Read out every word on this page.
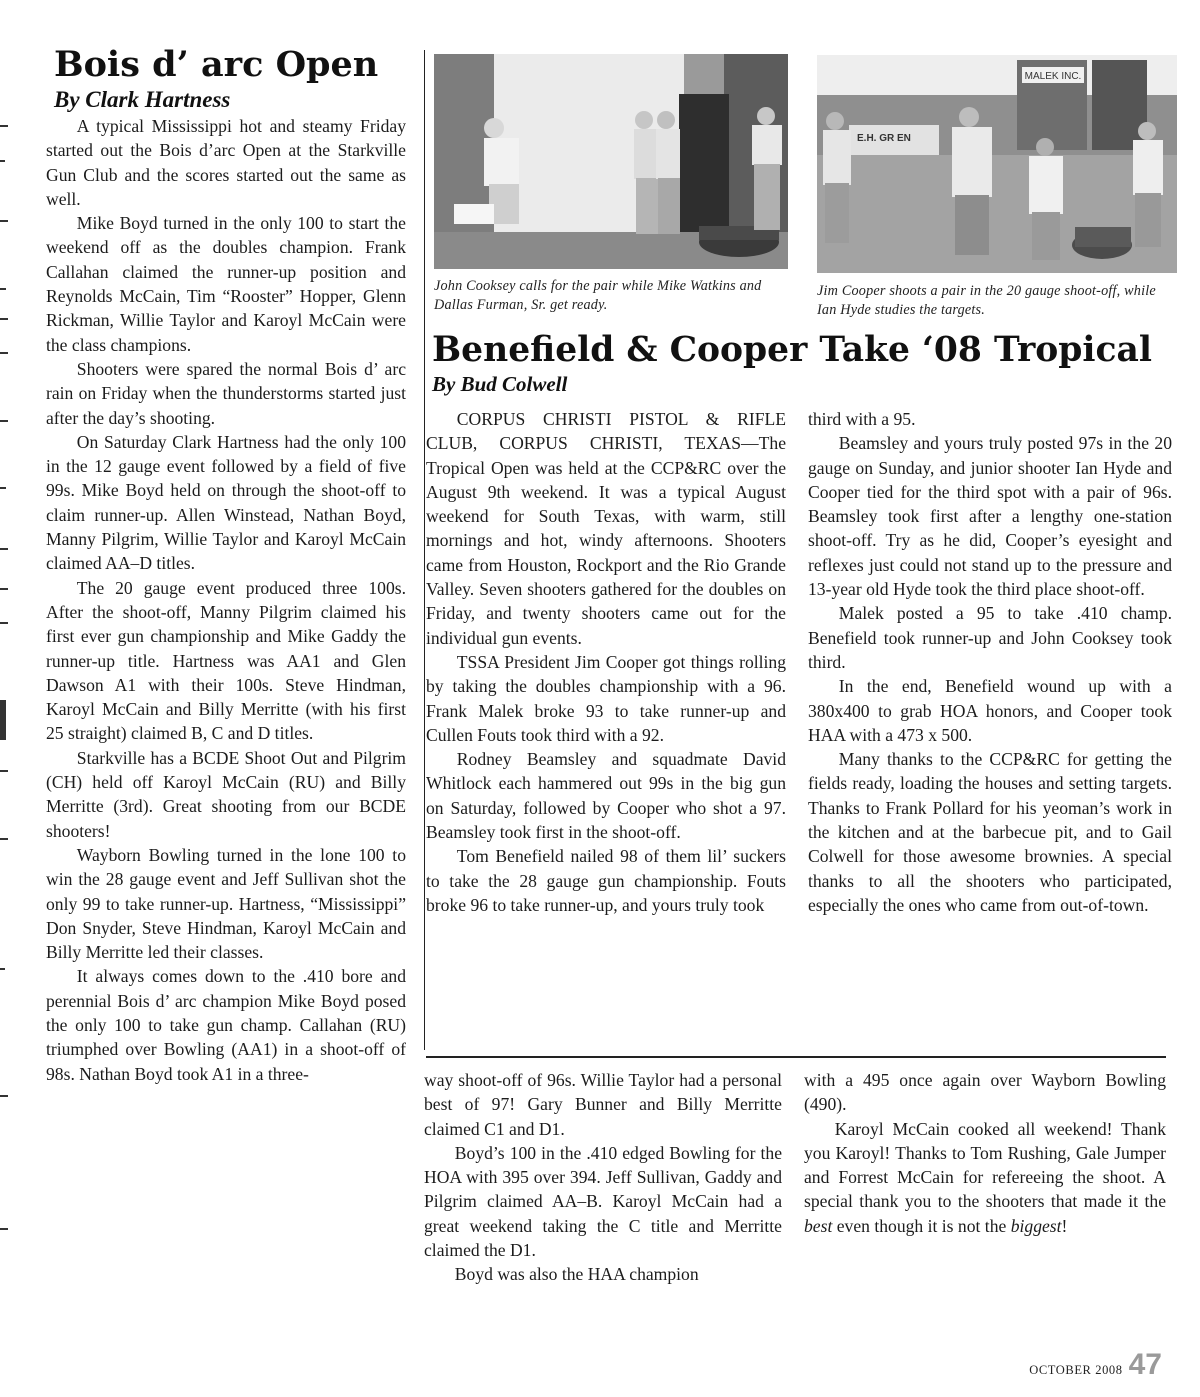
Bois d’ arc Open
By Clark Hartness

A typical Mississippi hot and steamy Friday started out the Bois d’arc Open at the Starkville Gun Club and the scores started out the same as well.

Mike Boyd turned in the only 100 to start the weekend off as the doubles champion. Frank Callahan claimed the runner-up position and Reynolds McCain, Tim “Rooster” Hopper, Glenn Rickman, Willie Taylor and Karoyl McCain were the class champions.

Shooters were spared the normal Bois d’ arc rain on Friday when the thunderstorms started just after the day’s shooting.

On Saturday Clark Hartness had the only 100 in the 12 gauge event followed by a field of five 99s. Mike Boyd held on through the shoot-off to claim runner-up. Allen Winstead, Nathan Boyd, Manny Pilgrim, Willie Taylor and Karoyl McCain claimed AA–D titles.

The 20 gauge event produced three 100s. After the shoot-off, Manny Pilgrim claimed his first ever gun championship and Mike Gaddy the runner-up title. Hartness was AA1 and Glen Dawson A1 with their 100s. Steve Hindman, Karoyl McCain and Billy Merritte (with his first 25 straight) claimed B, C and D titles.

Starkville has a BCDE Shoot Out and Pilgrim (CH) held off Karoyl McCain (RU) and Billy Merritte (3rd). Great shooting from our BCDE shooters!

Wayborn Bowling turned in the lone 100 to win the 28 gauge event and Jeff Sullivan shot the only 99 to take runner-up. Hartness, “Mississippi” Don Snyder, Steve Hindman, Karoyl McCain and Billy Merritte led their classes.

It always comes down to the .410 bore and perennial Bois d’ arc champion Mike Boyd posed the only 100 to take gun champ. Callahan (RU) triumphed over Bowling (AA1) in a shoot-off of 98s. Nathan Boyd took A1 in a three-

John Cooksey calls for the pair while Mike Watkins and Dallas Furman, Sr. get ready.
MALEK INC.
E.H. GR EN
Jim Cooper shoots a pair in the 20 gauge shoot-off, while Ian Hyde studies the targets.
Benefield & Cooper Take ‘08 Tropical
By Bud Colwell

CORPUS CHRISTI PISTOL & RIFLE CLUB, CORPUS CHRISTI, TEXAS—The Tropical Open was held at the CCP&RC over the August 9th weekend. It was a typical August weekend for South Texas, with warm, still mornings and hot, windy afternoons. Shooters came from Houston, Rockport and the Rio Grande Valley. Seven shooters gathered for the doubles on Friday, and twenty shooters came out for the individual gun events.

TSSA President Jim Cooper got things rolling by taking the doubles championship with a 96. Frank Malek broke 93 to take runner-up and Cullen Fouts took third with a 92.

Rodney Beamsley and squadmate David Whitlock each hammered out 99s in the big gun on Saturday, followed by Cooper who shot a 97. Beamsley took first in the shoot-off.

Tom Benefield nailed 98 of them lil’ suckers to take the 28 gauge gun championship. Fouts broke 96 to take runner-up, and yours truly took

third with a 95.

Beamsley and yours truly posted 97s in the 20 gauge on Sunday, and junior shooter Ian Hyde and Cooper tied for the third spot with a pair of 96s. Beamsley took first after a lengthy one-station shoot-off. Try as he did, Cooper’s eyesight and reflexes just could not stand up to the pressure and 13-year old Hyde took the third place shoot-off.

Malek posted a 95 to take .410 champ. Benefield took runner-up and John Cooksey took third.

In the end, Benefield wound up with a 380x400 to grab HOA honors, and Cooper took HAA with a 473 x 500.

Many thanks to the CCP&RC for getting the fields ready, loading the houses and setting targets. Thanks to Frank Pollard for his yeoman’s work in the kitchen and at the barbecue pit, and to Gail Colwell for those awesome brownies. A special thanks to all the shooters who participated, especially the ones who came from out-of-town.

way shoot-off of 96s. Willie Taylor had a personal best of 97! Gary Bunner and Billy Merritte claimed C1 and D1.

Boyd’s 100 in the .410 edged Bowling for the HOA with 395 over 394. Jeff Sullivan, Gaddy and Pilgrim claimed AA–B. Karoyl McCain had a great weekend taking the C title and Merritte claimed the D1.

Boyd was also the HAA champion

with a 495 once again over Wayborn Bowling (490).

Karoyl McCain cooked all weekend! Thank you Karoyl! Thanks to Tom Rushing, Gale Jumper and Forrest McCain for refereeing the shoot. A special thank you to the shooters that made it the best even though it is not the biggest!

OCTOBER 2008 47
